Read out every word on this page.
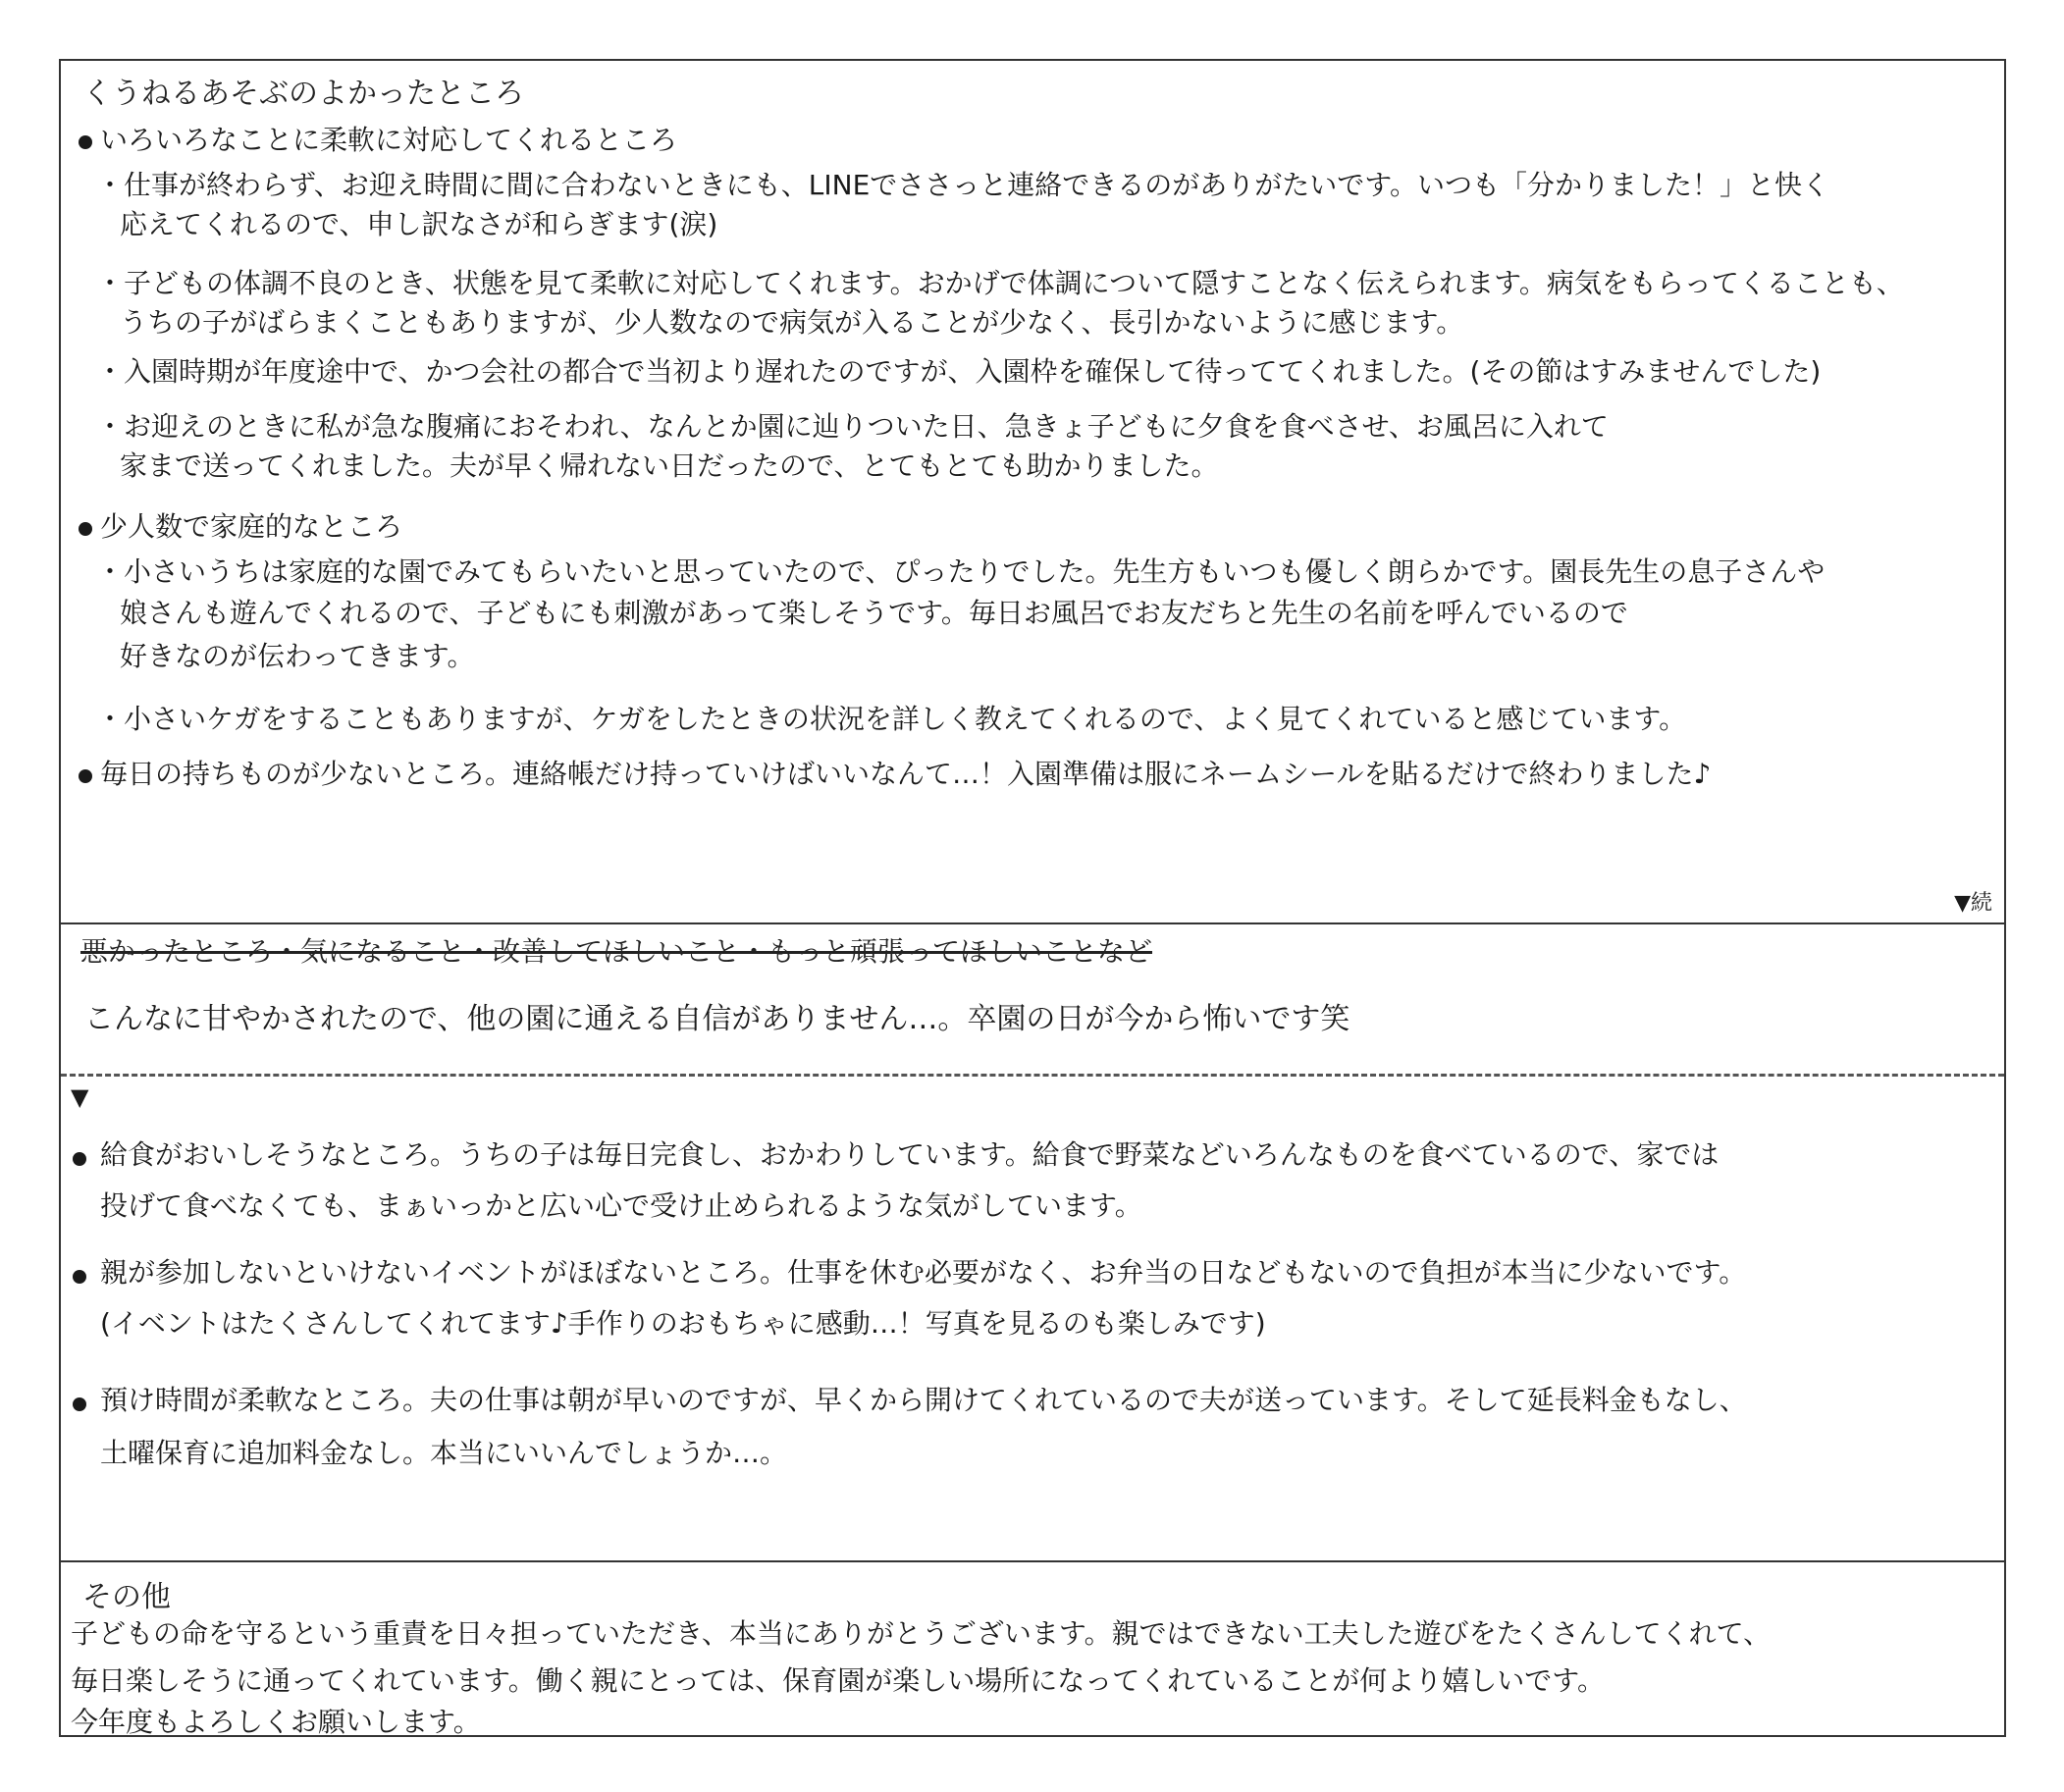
くうねるあそぶのよかったところ
いろいろなことに柔軟に対応してくれるところ
・仕事が終わらず、お迎え時間に間に合わないときにも、LINEでささっと連絡できるのがありがたいです。いつも「分かりました！」と快く
応えてくれるので、申し訳なさが和らぎます(涙)
・子どもの体調不良のとき、状態を見て柔軟に対応してくれます。おかげで体調について隠すことなく伝えられます。病気をもらってくることも、
うちの子がばらまくこともありますが、少人数なので病気が入ることが少なく、長引かないように感じます。
・入園時期が年度途中で、かつ会社の都合で当初より遅れたのですが、入園枠を確保して待っててくれました。(その節はすみませんでした)
・お迎えのときに私が急な腹痛におそわれ、なんとか園に辿りついた日、急きょ子どもに夕食を食べさせ、お風呂に入れて
家まで送ってくれました。夫が早く帰れない日だったので、とてもとても助かりました。
少人数で家庭的なところ
・小さいうちは家庭的な園でみてもらいたいと思っていたので、ぴったりでした。先生方もいつも優しく朗らかです。園長先生の息子さんや
娘さんも遊んでくれるので、子どもにも刺激があって楽しそうです。毎日お風呂でお友だちと先生の名前を呼んでいるので
好きなのが伝わってきます。
・小さいケガをすることもありますが、ケガをしたときの状況を詳しく教えてくれるので、よく見てくれていると感じています。
毎日の持ちものが少ないところ。連絡帳だけ持っていけばいいなんて…！入園準備は服にネームシールを貼るだけで終わりました♪
▼続
悪かったところ・気になること・改善してほしいこと・もっと頑張ってほしいことなど
こんなに甘やかされたので、他の園に通える自信がありません…。卒園の日が今から怖いです笑
▼
給食がおいしそうなところ。うちの子は毎日完食し、おかわりしています。給食で野菜などいろんなものを食べているので、家では
投げて食べなくても、まぁいっかと広い心で受け止められるような気がしています。
親が参加しないといけないイベントがほぼないところ。仕事を休む必要がなく、お弁当の日などもないので負担が本当に少ないです。
(イベントはたくさんしてくれてます♪手作りのおもちゃに感動…！写真を見るのも楽しみです)
預け時間が柔軟なところ。夫の仕事は朝が早いのですが、早くから開けてくれているので夫が送っています。そして延長料金もなし、
土曜保育に追加料金なし。本当にいいんでしょうか…。
その他
子どもの命を守るという重責を日々担っていただき、本当にありがとうございます。親ではできない工夫した遊びをたくさんしてくれて、
毎日楽しそうに通ってくれています。働く親にとっては、保育園が楽しい場所になってくれていることが何より嬉しいです。
今年度もよろしくお願いします。
